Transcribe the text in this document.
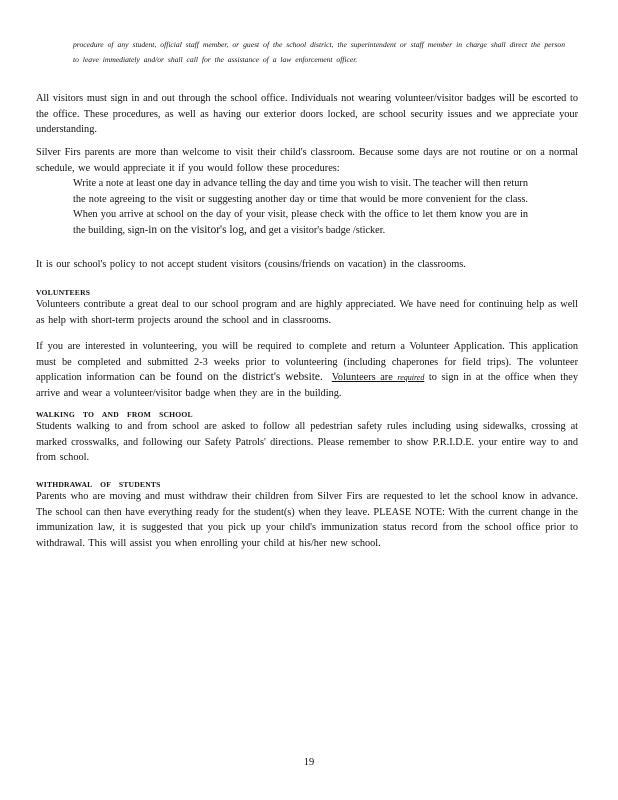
procedure of any student, official staff member, or guest of the school district, the superintendent or staff member in charge shall direct the person to leave immediately and/or shall call for the assistance of a law enforcement officer.
All visitors must sign in and out through the school office. Individuals not wearing volunteer/visitor badges will be escorted to the office. These procedures, as well as having our exterior doors locked, are school security issues and we appreciate your understanding.
Silver Firs parents are more than welcome to visit their child's classroom. Because some days are not routine or on a normal schedule, we would appreciate it if you would follow these procedures:
Write a note at least one day in advance telling the day and time you wish to visit. The teacher will then return the note agreeing to the visit or suggesting another day or time that would be more convenient for the class. When you arrive at school on the day of your visit, please check with the office to let them know you are in the building, sign-in on the visitor's log, and get a visitor's badge /sticker.
It is our school's policy to not accept student visitors (cousins/friends on vacation) in the classrooms.
VOLUNTEERS
Volunteers contribute a great deal to our school program and are highly appreciated. We have need for continuing help as well as help with short-term projects around the school and in classrooms.
If you are interested in volunteering, you will be required to complete and return a Volunteer Application. This application must be completed and submitted 2-3 weeks prior to volunteering (including chaperones for field trips). The volunteer application information can be found on the district's website. Volunteers are required to sign in at the office when they arrive and wear a volunteer/visitor badge when they are in the building.
WALKING TO AND FROM SCHOOL
Students walking to and from school are asked to follow all pedestrian safety rules including using sidewalks, crossing at marked crosswalks, and following our Safety Patrols' directions. Please remember to show P.R.I.D.E. your entire way to and from school.
WITHDRAWAL OF STUDENTS
Parents who are moving and must withdraw their children from Silver Firs are requested to let the school know in advance. The school can then have everything ready for the student(s) when they leave. PLEASE NOTE: With the current change in the immunization law, it is suggested that you pick up your child's immunization status record from the school office prior to withdrawal. This will assist you when enrolling your child at his/her new school.
19
